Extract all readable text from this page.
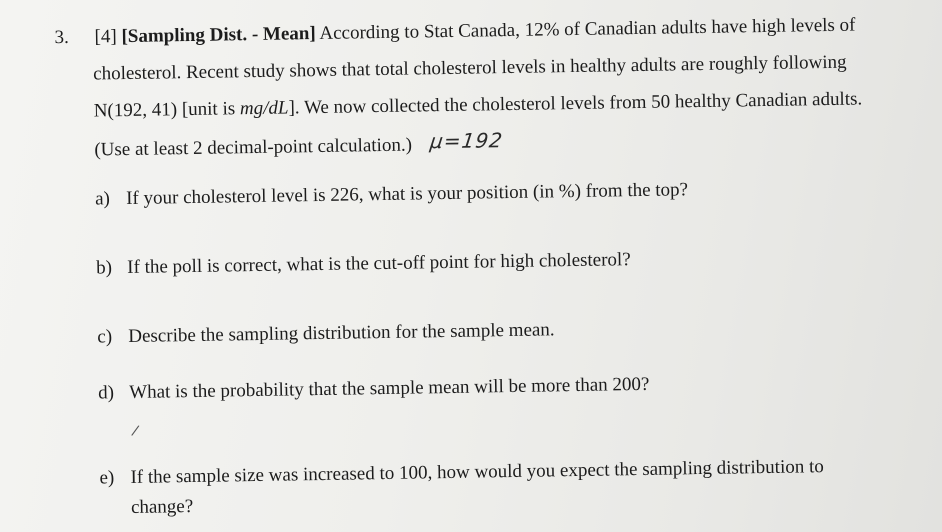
3. [4] [Sampling Dist. - Mean] According to Stat Canada, 12% of Canadian adults have high levels of
cholesterol. Recent study shows that total cholesterol levels in healthy adults are roughly following
N(192, 41) [unit is mg/dL]. We now collected the cholesterol levels from 50 healthy Canadian adults.
(Use at least 2 decimal-point calculation.) μ=192
a) If your cholesterol level is 226, what is your position (in %) from the top?
b) If the poll is correct, what is the cut-off point for high cholesterol?
c) Describe the sampling distribution for the sample mean.
d) What is the probability that the sample mean will be more than 200?
/
e) If the sample size was increased to 100, how would you expect the sampling distribution to
change?
